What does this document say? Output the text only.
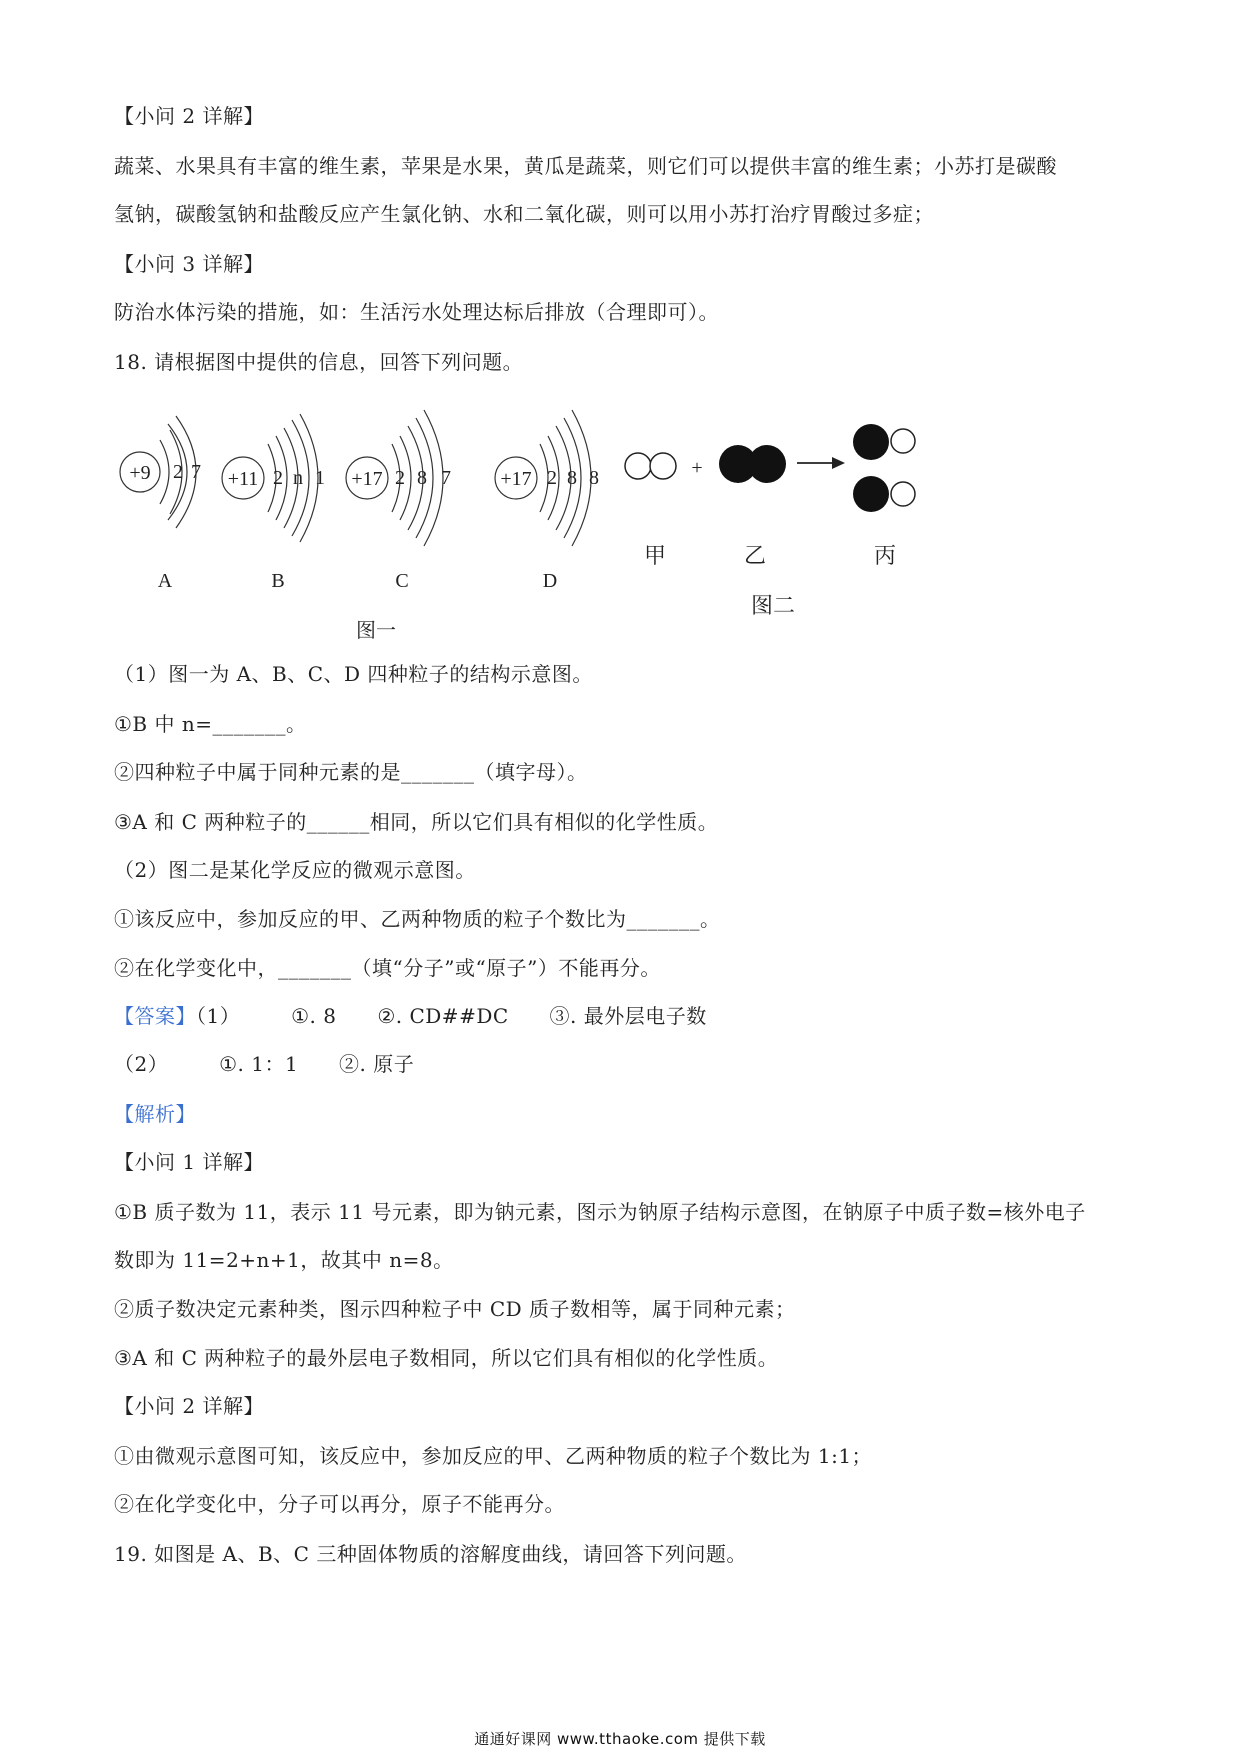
【小问 2 详解】
蔬菜、水果具有丰富的维生素，苹果是水果，黄瓜是蔬菜，则它们可以提供丰富的维生素；小苏打是碳酸
氢钠，碳酸氢钠和盐酸反应产生氯化钠、水和二氧化碳，则可以用小苏打治疗胃酸过多症；
【小问 3 详解】
防治水体污染的措施，如：生活污水处理达标后排放（合理即可）。
18. 请根据图中提供的信息，回答下列问题。
+9 2 7 +11 2 n 1 +17 2 8 7 +17 2 8 8
A	B	C	D
图一
+
甲	乙	丙
图二
（1）图一为 A、B、C、D 四种粒子的结构示意图。
①B 中 n=_______。
②四种粒子中属于同种元素的是_______（填字母）。
③A 和 C 两种粒子的______相同，所以它们具有相似的化学性质。
（2）图二是某化学反应的微观示意图。
①该反应中，参加反应的甲、乙两种物质的粒子个数比为_______。
②在化学变化中，_______（填“分子”或“原子”）不能再分。
【答案】（1）	①. 8 ②. CD##DC ③. 最外层电子数
（2）	①. 1：1 ②. 原子
【解析】
【小问 1 详解】
①B 质子数为 11，表示 11 号元素，即为钠元素，图示为钠原子结构示意图，在钠原子中质子数=核外电子
数即为 11=2+n+1，故其中 n=8。
②质子数决定元素种类，图示四种粒子中 CD 质子数相等，属于同种元素；
③A 和 C 两种粒子的最外层电子数相同，所以它们具有相似的化学性质。
【小问 2 详解】
①由微观示意图可知，该反应中，参加反应的甲、乙两种物质的粒子个数比为 1:1；
②在化学变化中，分子可以再分，原子不能再分。
19. 如图是 A、B、C 三种固体物质的溶解度曲线，请回答下列问题。
通通好课网 www.tthaoke.com 提供下载
